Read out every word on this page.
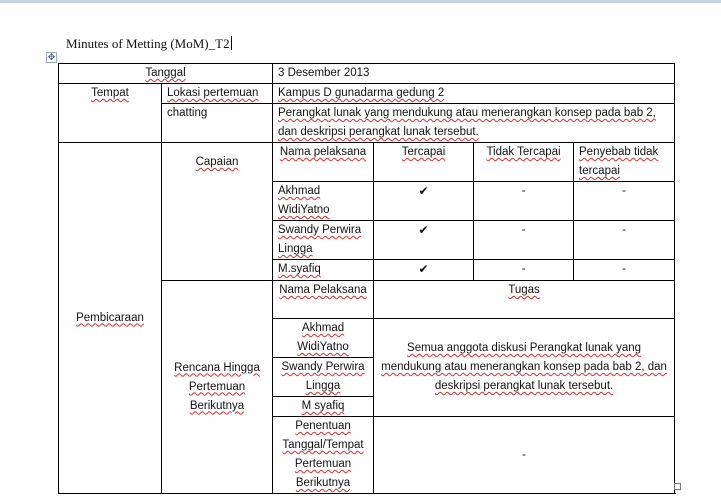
Minutes of Metting (MoM)_T2
✥
Tanggal		3 Desember 2013			
Tempat	Lokasi pertemuan	Kampus D gunadarma gedung 2			
	chatting	Perangkat lunak yang mendukung atau menerangkan konsep pada bab 2, dan deskripsi perangkat lunak tersebut.			
Pembicaraan	Capaian	Nama pelaksana	Tercapai	Tidak Tercapai	Penyebab tidak tercapai
		Akhmad WidiYatno	✔	-	-
		Swandy Perwira Lingga	✔	-	-
		M.syafiq	✔	-	-
	Rencana Hingga Pertemuan Berikutnya	Nama Pelaksana	Tugas		
		Akhmad WidiYatno	Semua anggota diskusi Perangkat lunak yang mendukung atau menerangkan konsep pada bab 2, dan deskripsi perangkat lunak tersebut.		
		Swandy Perwira Lingga			
		M syafiq			
		Penentuan Tanggal/Tempat Pertemuan Berikutnya	-		
